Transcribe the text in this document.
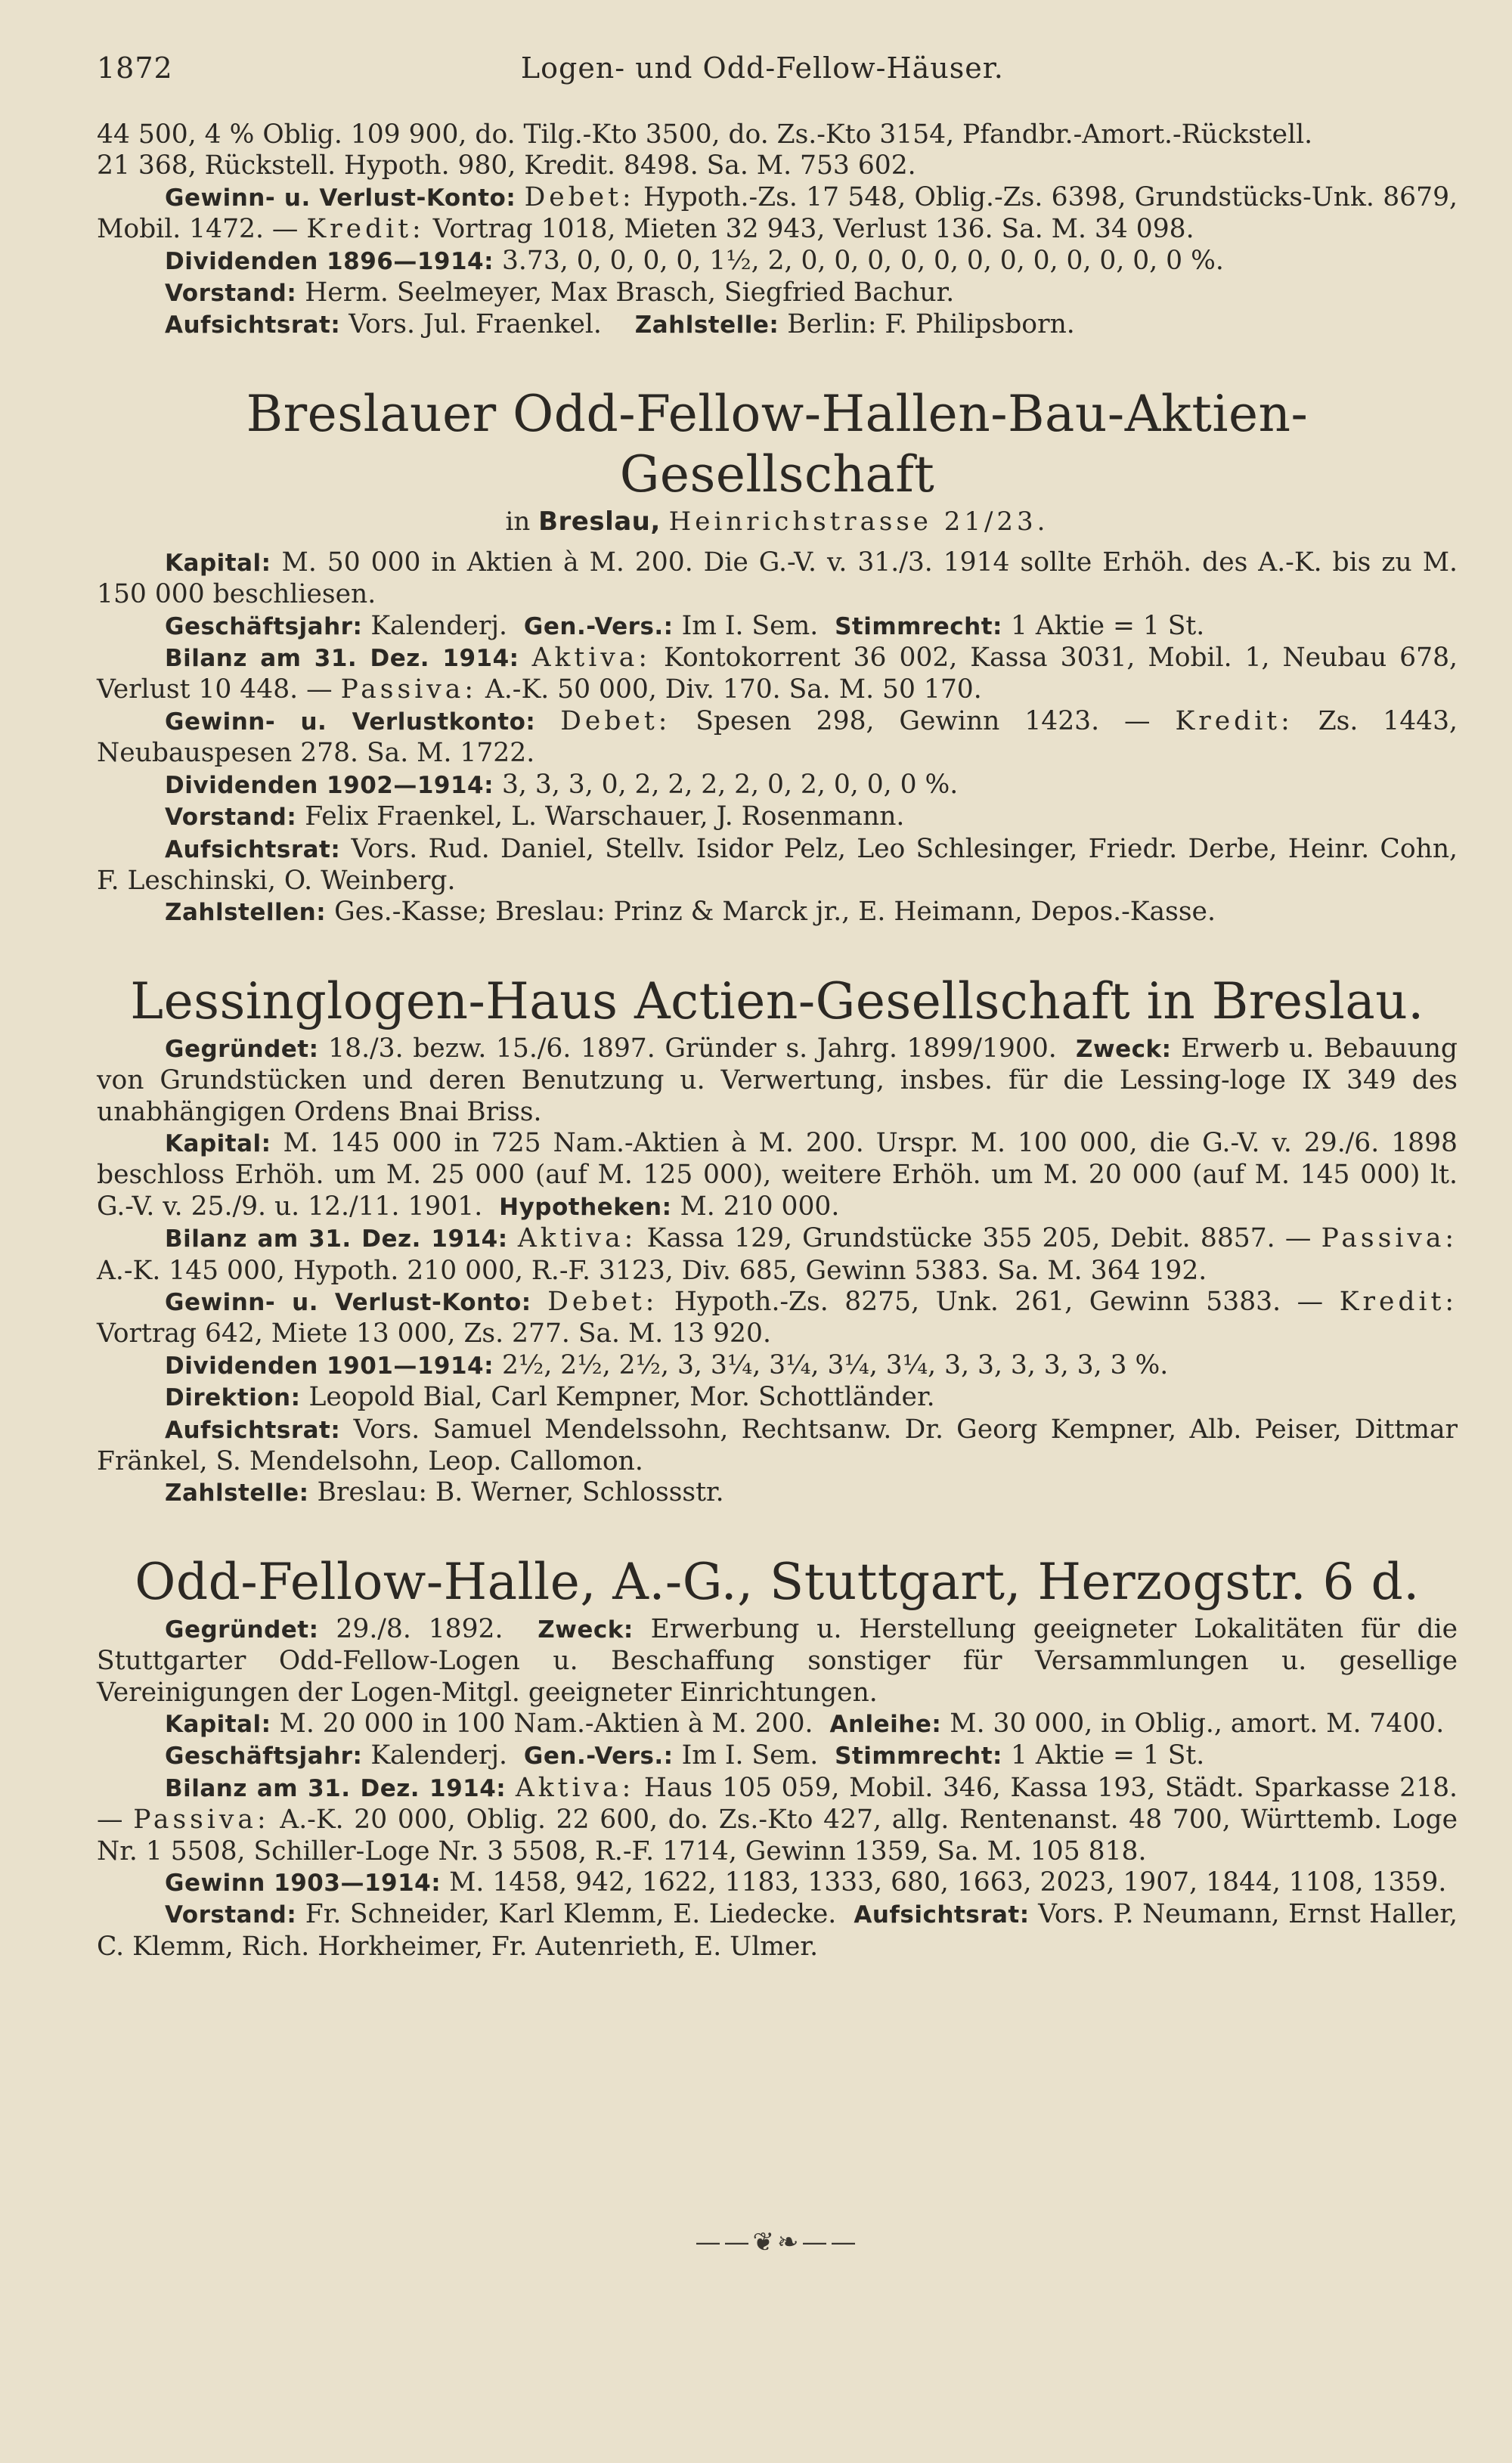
1872	Logen- und Odd-Fellow-Häuser.

44 500, 4 % Oblig. 109 900, do. Tilg.-Kto 3500, do. Zs.-Kto 3154, Pfandbr.-Amort.-Rückstell.

21 368, Rückstell. Hypoth. 980, Kredit. 8498. Sa. M. 753 602.

Gewinn- u. Verlust-Konto: Debet: Hypoth.-Zs. 17 548, Oblig.-Zs. 6398, Grundstücks-Unk. 8679, Mobil. 1472. — Kredit: Vortrag 1018, Mieten 32 943, Verlust 136. Sa. M. 34 098.

Dividenden 1896—1914: 3.73, 0, 0, 0, 0, 1½, 2, 0, 0, 0, 0, 0, 0, 0, 0, 0, 0, 0, 0 %.

Vorstand: Herm. Seelmeyer, Max Brasch, Siegfried Bachur.

Aufsichtsrat: Vors. Jul. Fraenkel. Zahlstelle: Berlin: F. Philipsborn.

Breslauer Odd-Fellow-Hallen-Bau-Aktien-Gesellschaft
in Breslau, Heinrichstrasse 21/23.

Kapital: M. 50 000 in Aktien à M. 200. Die G.-V. v. 31./3. 1914 sollte Erhöh. des A.-K. bis zu M. 150 000 beschliesen.

Geschäftsjahr: Kalenderj. Gen.-Vers.: Im I. Sem. Stimmrecht: 1 Aktie = 1 St.

Bilanz am 31. Dez. 1914: Aktiva: Kontokorrent 36 002, Kassa 3031, Mobil. 1, Neubau 678, Verlust 10 448. — Passiva: A.-K. 50 000, Div. 170. Sa. M. 50 170.

Gewinn- u. Verlustkonto: Debet: Spesen 298, Gewinn 1423. — Kredit: Zs. 1443, Neubauspesen 278. Sa. M. 1722.

Dividenden 1902—1914: 3, 3, 3, 0, 2, 2, 2, 2, 0, 2, 0, 0, 0 %.

Vorstand: Felix Fraenkel, L. Warschauer, J. Rosenmann.

Aufsichtsrat: Vors. Rud. Daniel, Stellv. Isidor Pelz, Leo Schlesinger, Friedr. Derbe, Heinr. Cohn, F. Leschinski, O. Weinberg.

Zahlstellen: Ges.-Kasse; Breslau: Prinz & Marck jr., E. Heimann, Depos.-Kasse.

Lessinglogen-Haus Actien-Gesellschaft in Breslau.

Gegründet: 18./3. bezw. 15./6. 1897. Gründer s. Jahrg. 1899/1900. Zweck: Erwerb u. Bebauung von Grundstücken und deren Benutzung u. Verwertung, insbes. für die Lessing-loge IX 349 des unabhängigen Ordens Bnai Briss.

Kapital: M. 145 000 in 725 Nam.-Aktien à M. 200. Urspr. M. 100 000, die G.-V. v. 29./6. 1898 beschloss Erhöh. um M. 25 000 (auf M. 125 000), weitere Erhöh. um M. 20 000 (auf M. 145 000) lt. G.-V. v. 25./9. u. 12./11. 1901. Hypotheken: M. 210 000.

Bilanz am 31. Dez. 1914: Aktiva: Kassa 129, Grundstücke 355 205, Debit. 8857. — Passiva: A.-K. 145 000, Hypoth. 210 000, R.-F. 3123, Div. 685, Gewinn 5383. Sa. M. 364 192.

Gewinn- u. Verlust-Konto: Debet: Hypoth.-Zs. 8275, Unk. 261, Gewinn 5383. — Kredit: Vortrag 642, Miete 13 000, Zs. 277. Sa. M. 13 920.

Dividenden 1901—1914: 2½, 2½, 2½, 3, 3¼, 3¼, 3¼, 3¼, 3, 3, 3, 3, 3, 3 %.

Direktion: Leopold Bial, Carl Kempner, Mor. Schottländer.

Aufsichtsrat: Vors. Samuel Mendelssohn, Rechtsanw. Dr. Georg Kempner, Alb. Peiser, Dittmar Fränkel, S. Mendelsohn, Leop. Callomon.

Zahlstelle: Breslau: B. Werner, Schlossstr.

Odd-Fellow-Halle, A.-G., Stuttgart, Herzogstr. 6 d.

Gegründet: 29./8. 1892. Zweck: Erwerbung u. Herstellung geeigneter Lokalitäten für die Stuttgarter Odd-Fellow-Logen u. Beschaffung sonstiger für Versammlungen u. gesellige Vereinigungen der Logen-Mitgl. geeigneter Einrichtungen.

Kapital: M. 20 000 in 100 Nam.-Aktien à M. 200. Anleihe: M. 30 000, in Oblig., amort. M. 7400.

Geschäftsjahr: Kalenderj. Gen.-Vers.: Im I. Sem. Stimmrecht: 1 Aktie = 1 St.

Bilanz am 31. Dez. 1914: Aktiva: Haus 105 059, Mobil. 346, Kassa 193, Städt. Sparkasse 218. — Passiva: A.-K. 20 000, Oblig. 22 600, do. Zs.-Kto 427, allg. Rentenanst. 48 700, Württemb. Loge Nr. 1 5508, Schiller-Loge Nr. 3 5508, R.-F. 1714, Gewinn 1359, Sa. M. 105 818.

Gewinn 1903—1914: M. 1458, 942, 1622, 1183, 1333, 680, 1663, 2023, 1907, 1844, 1108, 1359.

Vorstand: Fr. Schneider, Karl Klemm, E. Liedecke. Aufsichtsrat: Vors. P. Neumann, Ernst Haller, C. Klemm, Rich. Horkheimer, Fr. Autenrieth, E. Ulmer.

——❦❧——
